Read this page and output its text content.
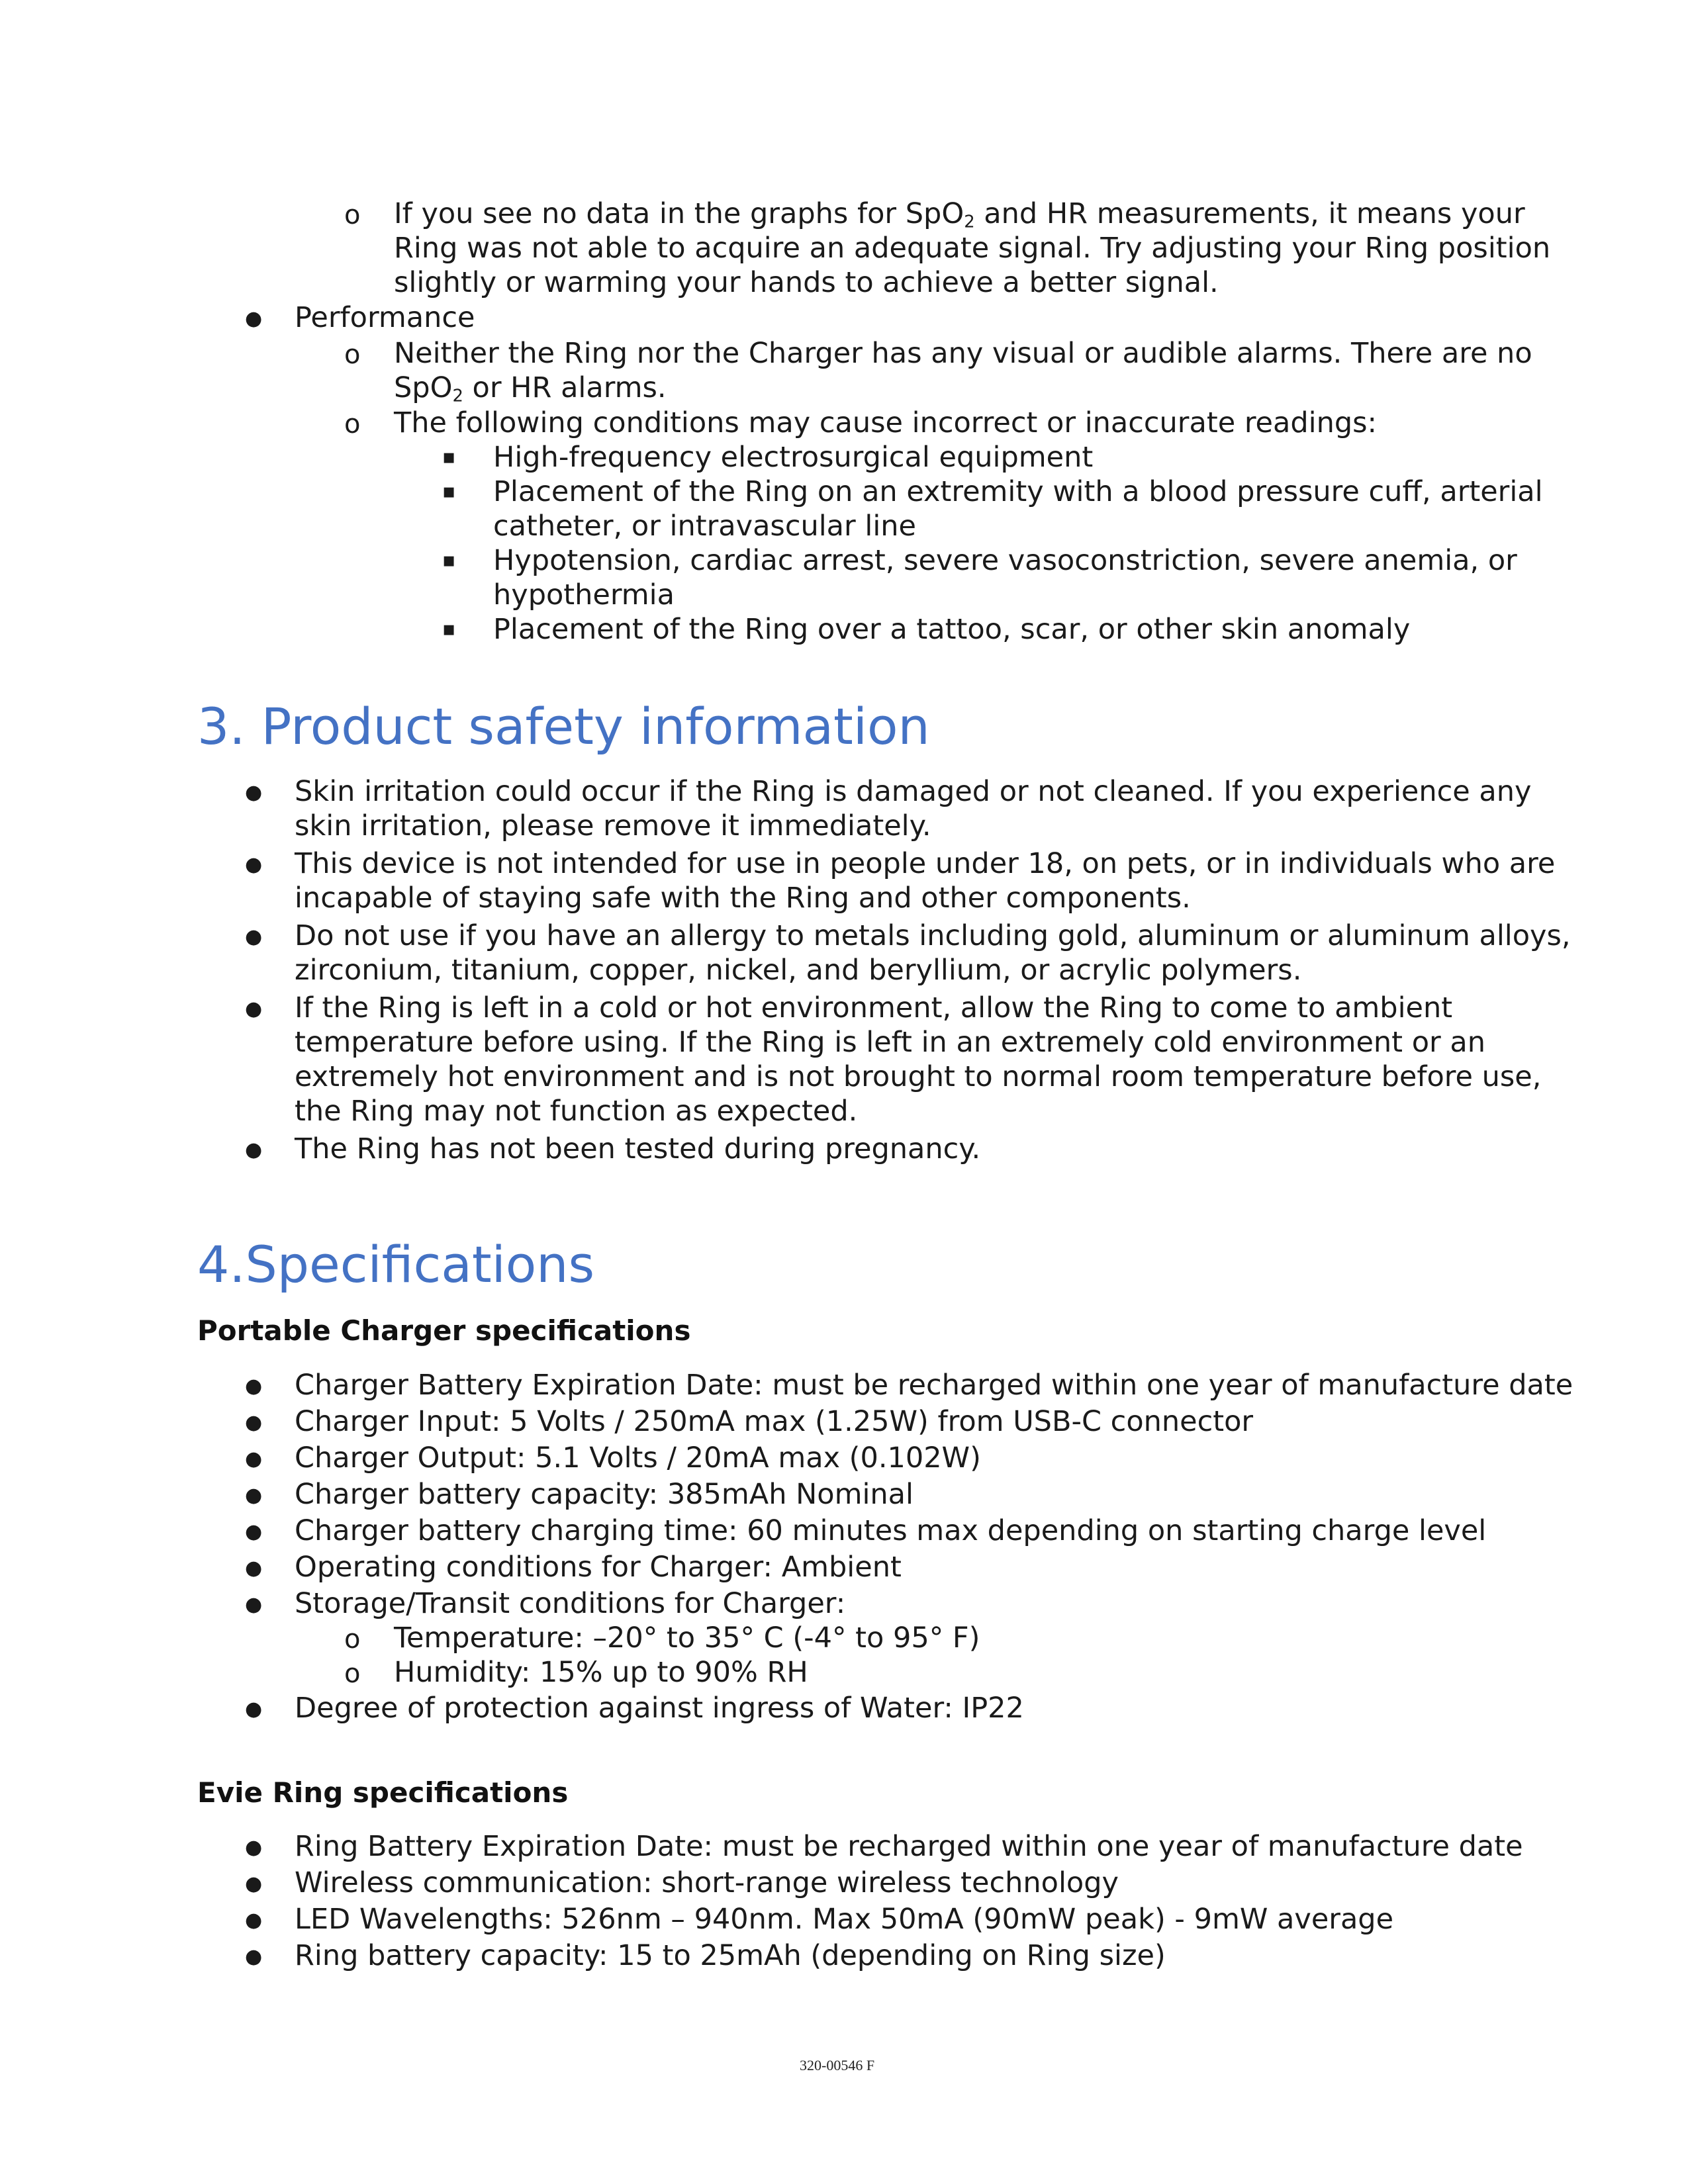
o If you see no data in the graphs for SpO$_2$ and HR measurements, it means your
Ring was not able to acquire an adequate signal. Try adjusting your Ring position
slightly or warming your hands to achieve a better signal.
● Performance
o Neither the Ring nor the Charger has any visual or audible alarms. There are no
SpO$_2$ or HR alarms.
o The following conditions may cause incorrect or inaccurate readings:
▪ High-frequency electrosurgical equipment
▪ Placement of the Ring on an extremity with a blood pressure cuff, arterial
catheter, or intravascular line
▪ Hypotension, cardiac arrest, severe vasoconstriction, severe anemia, or
hypothermia
▪ Placement of the Ring over a tattoo, scar, or other skin anomaly
3. Product safety information
● Skin irritation could occur if the Ring is damaged or not cleaned. If you experience any
skin irritation, please remove it immediately.
● This device is not intended for use in people under 18, on pets, or in individuals who are
incapable of staying safe with the Ring and other components.
● Do not use if you have an allergy to metals including gold, aluminum or aluminum alloys,
zirconium, titanium, copper, nickel, and beryllium, or acrylic polymers.
● If the Ring is left in a cold or hot environment, allow the Ring to come to ambient
temperature before using. If the Ring is left in an extremely cold environment or an
extremely hot environment and is not brought to normal room temperature before use,
the Ring may not function as expected.
● The Ring has not been tested during pregnancy.
4.Specifications
Portable Charger specifications
● Charger Battery Expiration Date: must be recharged within one year of manufacture date
● Charger Input: 5 Volts / 250mA max (1.25W) from USB-C connector
● Charger Output: 5.1 Volts / 20mA max (0.102W)
● Charger battery capacity: 385mAh Nominal
● Charger battery charging time: 60 minutes max depending on starting charge level
● Operating conditions for Charger: Ambient
● Storage/Transit conditions for Charger:
o Temperature: –20° to 35° C (-4° to 95° F)
o Humidity: 15% up to 90% RH
● Degree of protection against ingress of Water: IP22
Evie Ring specifications
● Ring Battery Expiration Date: must be recharged within one year of manufacture date
● Wireless communication: short-range wireless technology
● LED Wavelengths: 526nm – 940nm. Max 50mA (90mW peak) - 9mW average
● Ring battery capacity: 15 to 25mAh (depending on Ring size)
320-00546 F
